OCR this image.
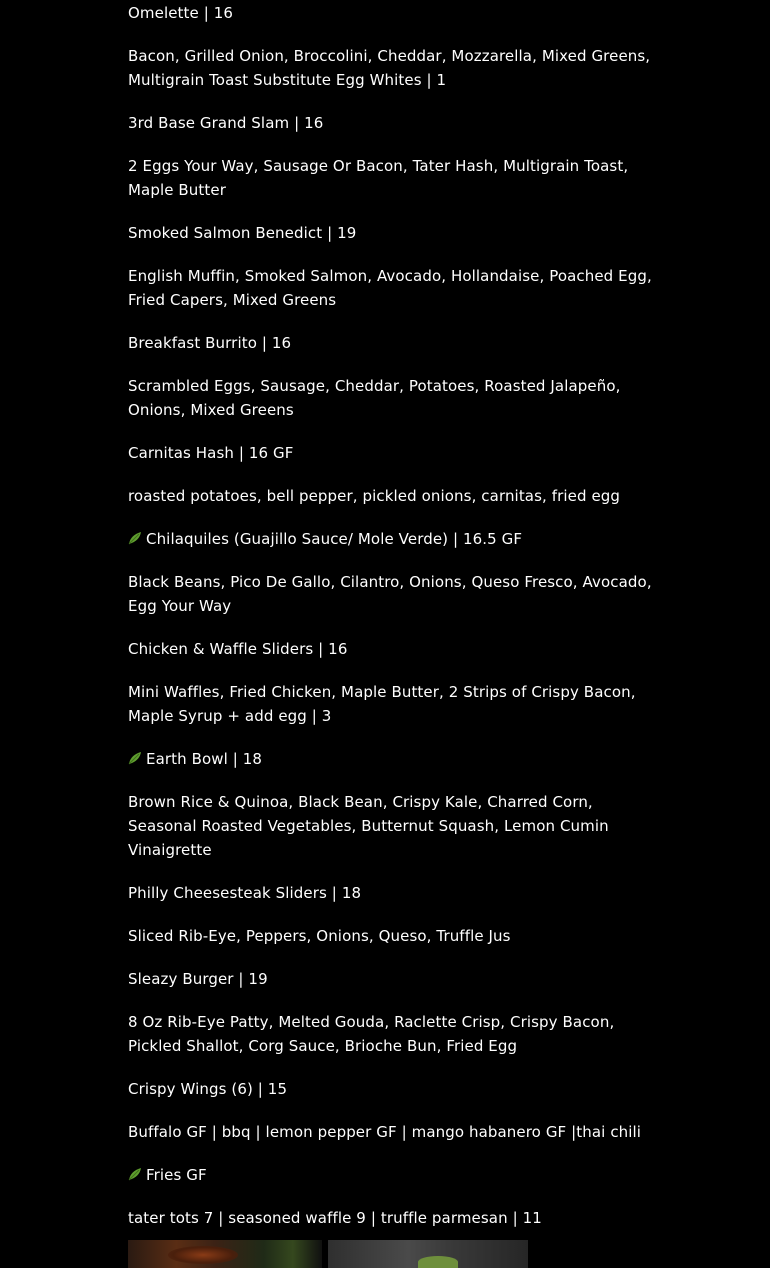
Omelette | 16
Bacon, Grilled Onion, Broccolini, Cheddar, Mozzarella, Mixed Greens, Multigrain Toast Substitute Egg Whites | 1
3rd Base Grand Slam | 16
2 Eggs Your Way, Sausage Or Bacon, Tater Hash, Multigrain Toast, Maple Butter
Smoked Salmon Benedict | 19
English Muffin, Smoked Salmon, Avocado, Hollandaise, Poached Egg, Fried Capers, Mixed Greens
Breakfast Burrito | 16
Scrambled Eggs, Sausage, Cheddar, Potatoes, Roasted Jalapeño, Onions, Mixed Greens
Carnitas Hash | 16 GF
roasted potatoes, bell pepper, pickled onions, carnitas, fried egg
Chilaquiles (Guajillo Sauce/ Mole Verde) | 16.5 GF
Black Beans, Pico De Gallo, Cilantro, Onions, Queso Fresco, Avocado, Egg Your Way
Chicken & Waffle Sliders | 16
Mini Waffles, Fried Chicken, Maple Butter, 2 Strips of Crispy Bacon, Maple Syrup + add egg | 3
Earth Bowl | 18
Brown Rice & Quinoa, Black Bean, Crispy Kale, Charred Corn, Seasonal Roasted Vegetables, Butternut Squash, Lemon Cumin Vinaigrette
Philly Cheesesteak Sliders | 18
Sliced Rib-Eye, Peppers, Onions, Queso, Truffle Jus
Sleazy Burger | 19
8 Oz Rib-Eye Patty, Melted Gouda, Raclette Crisp, Crispy Bacon, Pickled Shallot, Corg Sauce, Brioche Bun, Fried Egg
Crispy Wings (6) | 15
Buffalo GF | bbq | lemon pepper GF | mango habanero GF |thai chili
Fries GF
tater tots 7 | seasoned waffle 9 | truffle parmesan | 11
